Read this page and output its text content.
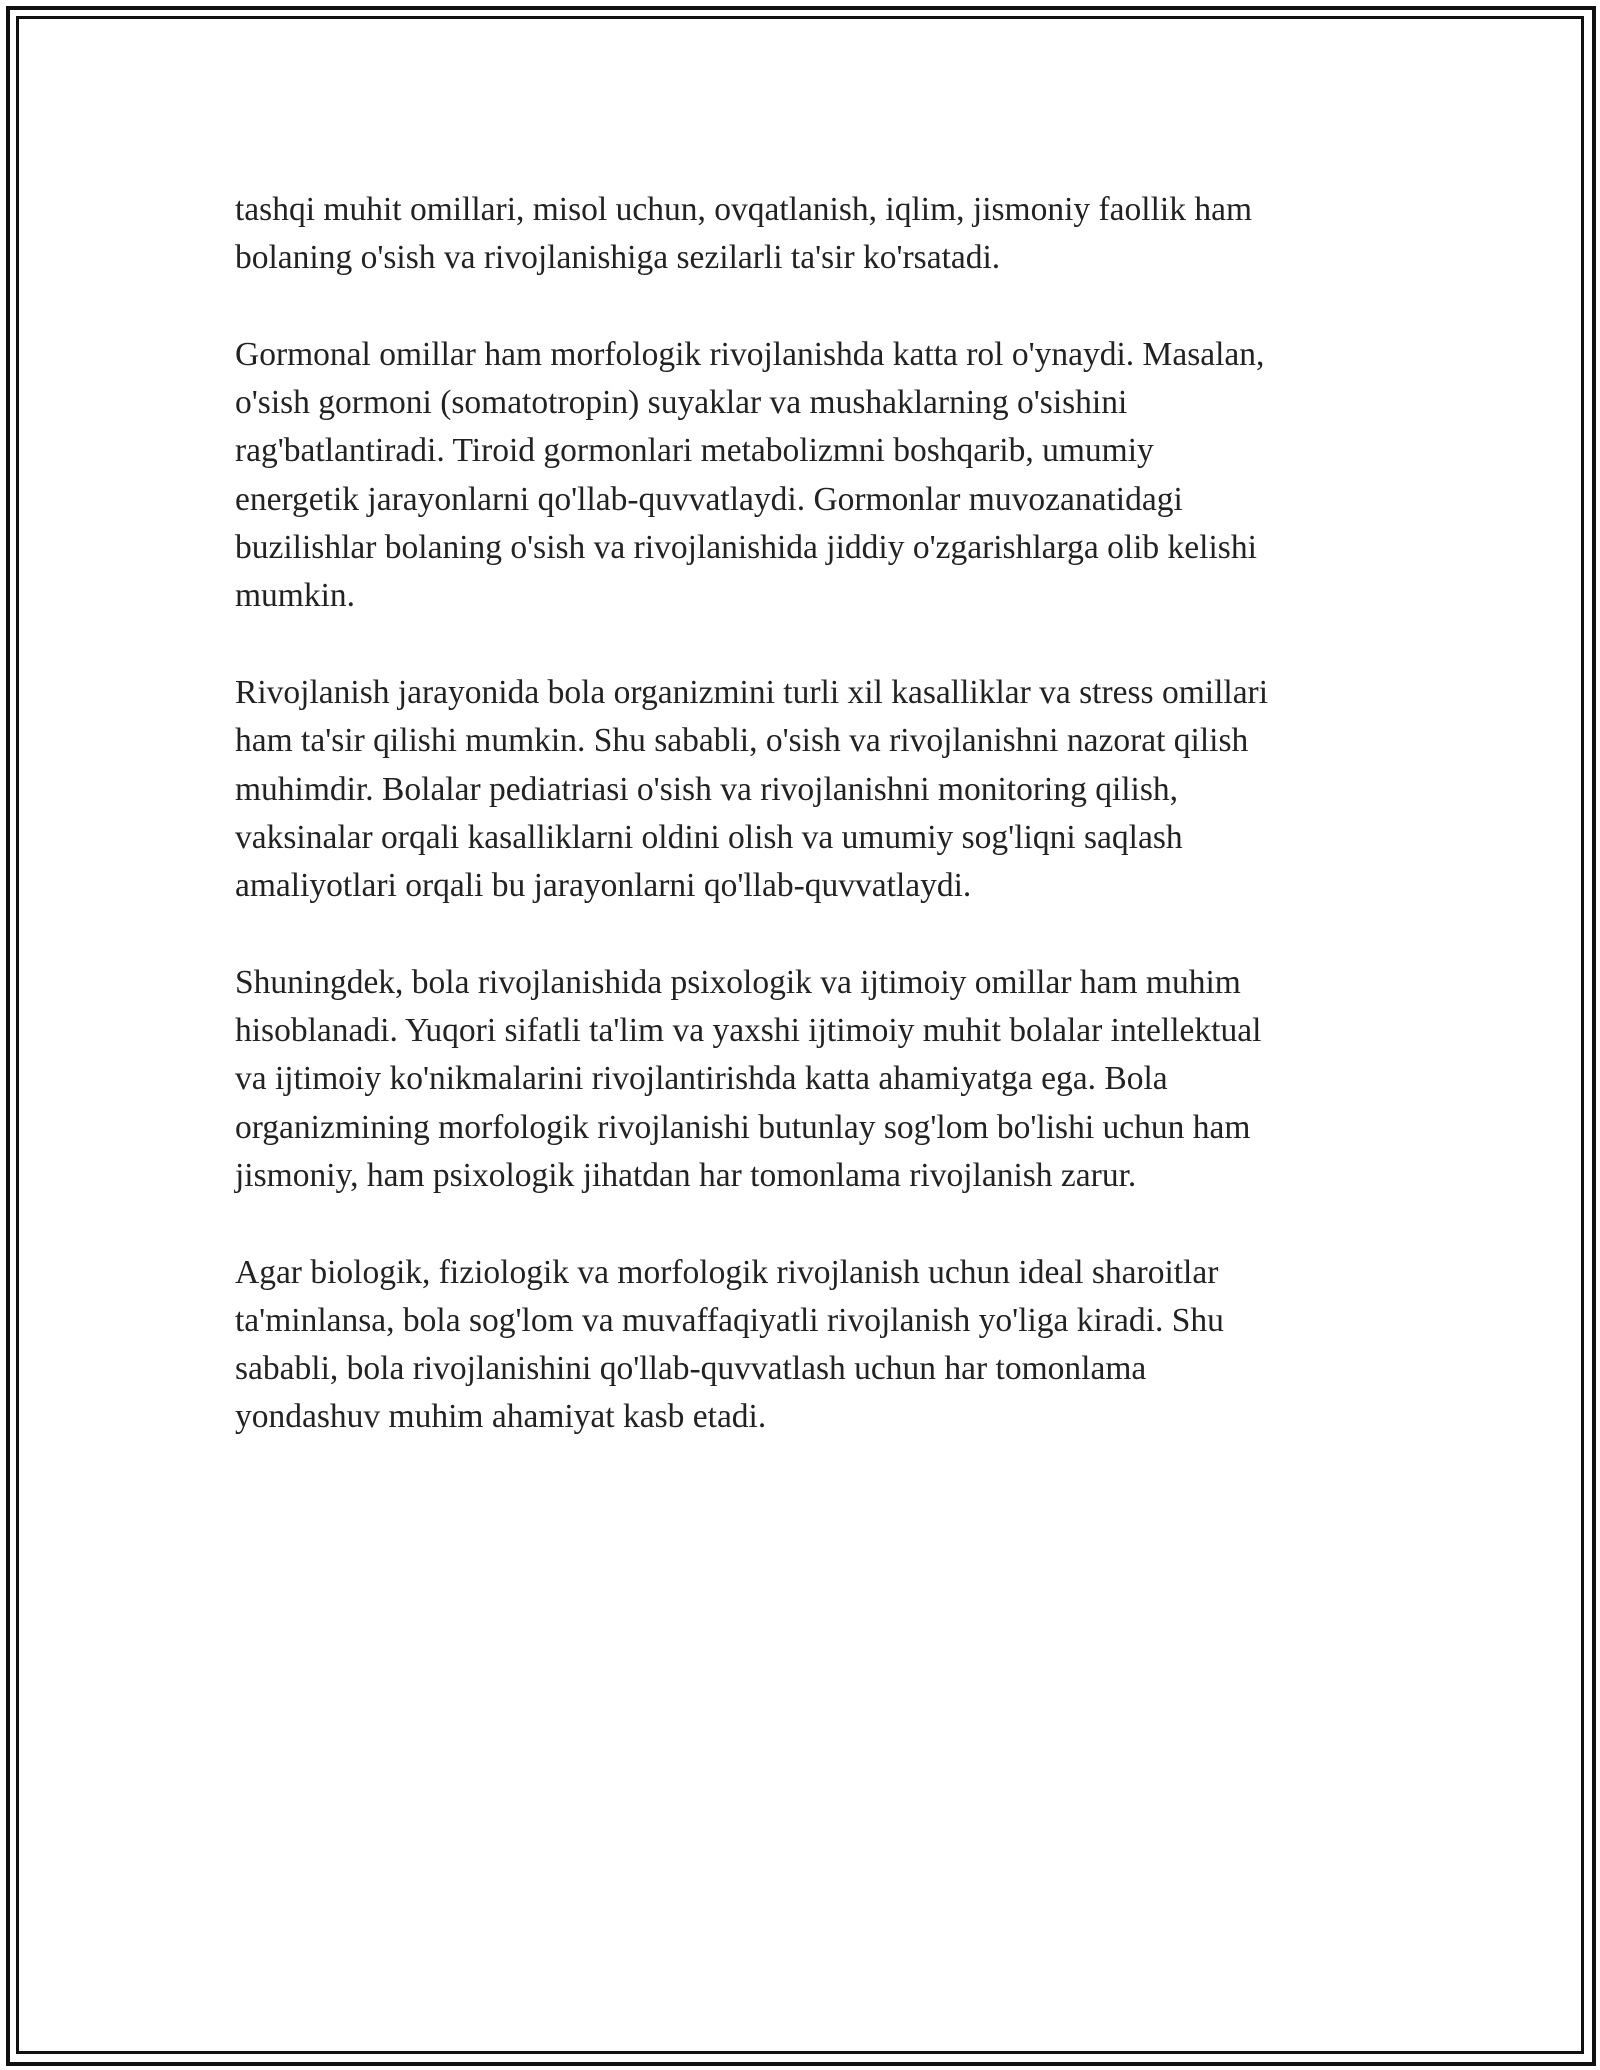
tashqi muhit omillari, misol uchun, ovqatlanish, iqlim, jismoniy faollik ham
bolaning o'sish va rivojlanishiga sezilarli ta'sir ko'rsatadi.

Gormonal omillar ham morfologik rivojlanishda katta rol o'ynaydi. Masalan,
o'sish gormoni (somatotropin) suyaklar va mushaklarning o'sishini
rag'batlantiradi. Tiroid gormonlari metabolizmni boshqarib, umumiy
energetik jarayonlarni qo'llab-quvvatlaydi. Gormonlar muvozanatidagi
buzilishlar bolaning o'sish va rivojlanishida jiddiy o'zgarishlarga olib kelishi
mumkin.

Rivojlanish jarayonida bola organizmini turli xil kasalliklar va stress omillari
ham ta'sir qilishi mumkin. Shu sababli, o'sish va rivojlanishni nazorat qilish
muhimdir. Bolalar pediatriasi o'sish va rivojlanishni monitoring qilish,
vaksinalar orqali kasalliklarni oldini olish va umumiy sog'liqni saqlash
amaliyotlari orqali bu jarayonlarni qo'llab-quvvatlaydi.

Shuningdek, bola rivojlanishida psixologik va ijtimoiy omillar ham muhim
hisoblanadi. Yuqori sifatli ta'lim va yaxshi ijtimoiy muhit bolalar intellektual
va ijtimoiy ko'nikmalarini rivojlantirishda katta ahamiyatga ega. Bola
organizmining morfologik rivojlanishi butunlay sog'lom bo'lishi uchun ham
jismoniy, ham psixologik jihatdan har tomonlama rivojlanish zarur.

Agar biologik, fiziologik va morfologik rivojlanish uchun ideal sharoitlar
ta'minlansa, bola sog'lom va muvaffaqiyatli rivojlanish yo'liga kiradi. Shu
sababli, bola rivojlanishini qo'llab-quvvatlash uchun har tomonlama
yondashuv muhim ahamiyat kasb etadi.
